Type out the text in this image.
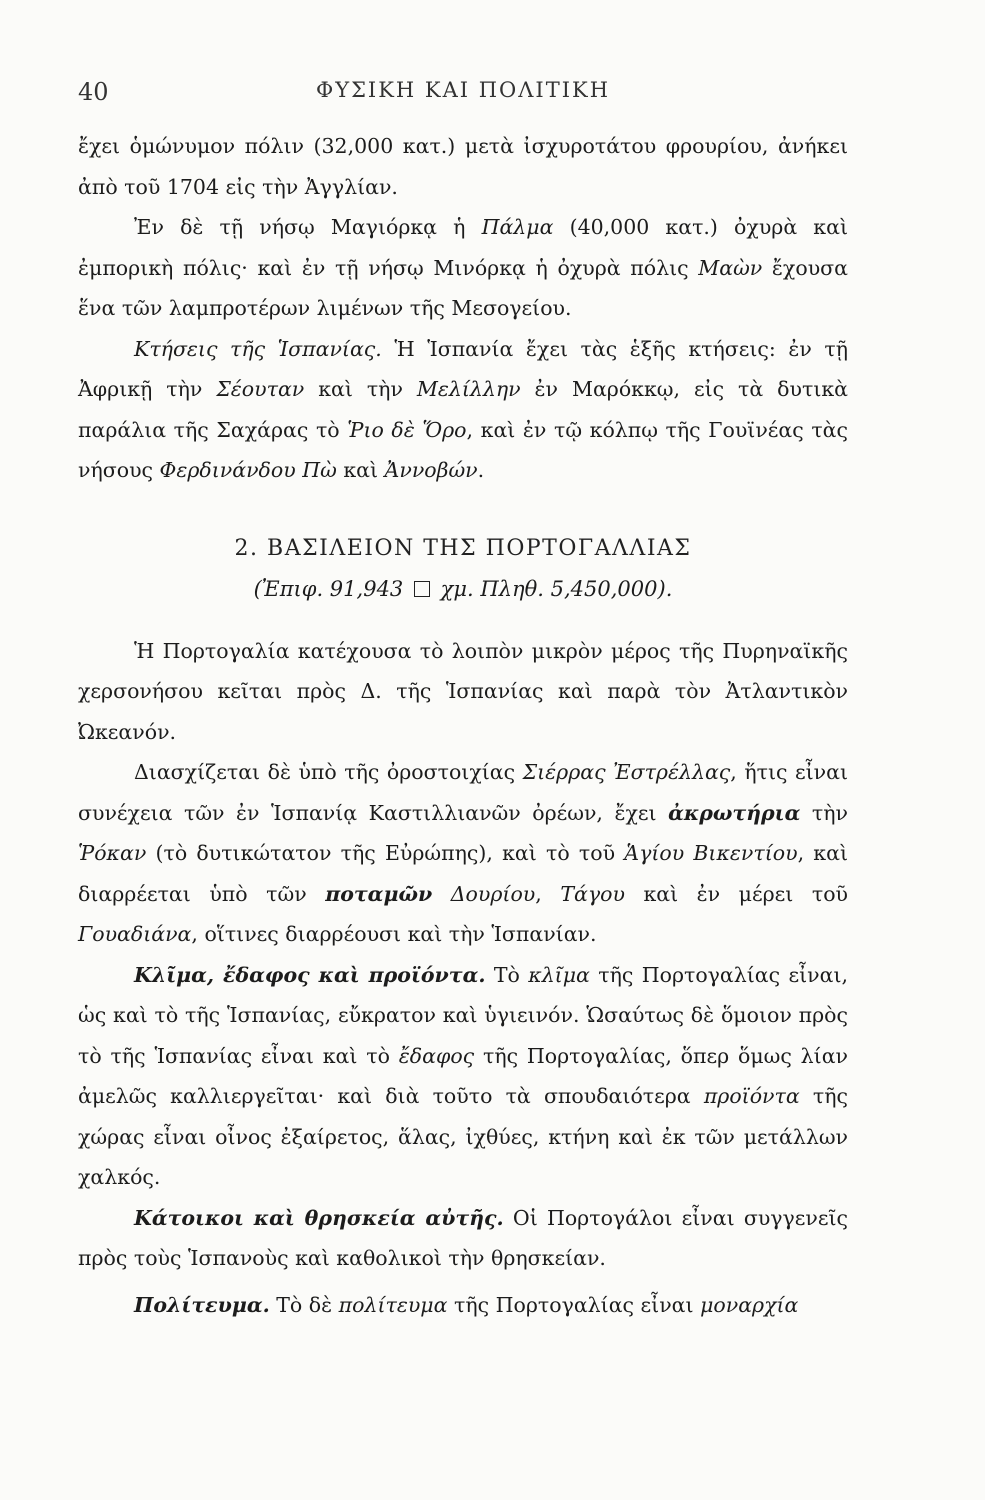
40	ΦΥΣΙΚΗ ΚΑΙ ΠΟΛΙΤΙΚΗ

ἔχει ὁμώνυμον πόλιν (32,000 κατ.) μετὰ ἰσχυροτάτου φρουρίου, ἀνήκει ἀπὸ τοῦ 1704 εἰς τὴν Ἀγγλίαν.

Ἐν δὲ τῇ νήσῳ Μαγιόρκᾳ ἡ Πάλμα (40,000 κατ.) ὀχυρὰ καὶ ἐμπορικὴ πόλις· καὶ ἐν τῇ νήσῳ Μινόρκᾳ ἡ ὀχυρὰ πόλις Μαὼν ἔχουσα ἕνα τῶν λαμπροτέρων λιμένων τῆς Μεσογείου.

Κτήσεις τῆς Ἱσπανίας. Ἡ Ἱσπανία ἔχει τὰς ἑξῆς κτήσεις: ἐν τῇ Ἀφρικῇ τὴν Σέουταν καὶ τὴν Μελίλλην ἐν Μαρόκκῳ, εἰς τὰ δυτικὰ παράλια τῆς Σαχάρας τὸ Ῥιο δὲ Ὅρο, καὶ ἐν τῷ κόλπῳ τῆς Γουϊνέας τὰς νήσους Φερδινάνδου Πὼ καὶ Ἀννοβών.

2. ΒΑΣΙΛΕΙΟΝ ΤΗΣ ΠΟΡΤΟΓΑΛΛΙΑΣ
(Ἐπιφ. 91,943 χμ. Πληθ. 5,450,000).

Ἡ Πορτογαλία κατέχουσα τὸ λοιπὸν μικρὸν μέρος τῆς Πυρηναϊκῆς χερσονήσου κεῖται πρὸς Δ. τῆς Ἱσπανίας καὶ παρὰ τὸν Ἀτλαντικὸν Ὠκεανόν.

Διασχίζεται δὲ ὑπὸ τῆς ὀροστοιχίας Σιέρρας Ἐστρέλλας, ἥτις εἶναι συνέχεια τῶν ἐν Ἱσπανίᾳ Καστιλλιανῶν ὀρέων, ἔχει ἀκρωτήρια τὴν Ῥόκαν (τὸ δυτικώτατον τῆς Εὐρώπης), καὶ τὸ τοῦ Ἁγίου Βικεντίου, καὶ διαρρέεται ὑπὸ τῶν ποταμῶν Δουρίου, Τάγου καὶ ἐν μέρει τοῦ Γουαδιάνα, οἵτινες διαρρέουσι καὶ τὴν Ἱσπανίαν.

Κλῖμα, ἔδαφος καὶ προϊόντα. Τὸ κλῖμα τῆς Πορτογαλίας εἶναι, ὡς καὶ τὸ τῆς Ἱσπανίας, εὔκρατον καὶ ὑγιεινόν. Ὡσαύτως δὲ ὅμοιον πρὸς τὸ τῆς Ἱσπανίας εἶναι καὶ τὸ ἔδαφος τῆς Πορτογαλίας, ὅπερ ὅμως λίαν ἀμελῶς καλλιεργεῖται· καὶ διὰ τοῦτο τὰ σπουδαιότερα προϊόντα τῆς χώρας εἶναι οἶνος ἐξαίρετος, ἅλας, ἰχθύες, κτήνη καὶ ἐκ τῶν μετάλλων χαλκός.

Κάτοικοι καὶ θρησκεία αὐτῆς. Οἱ Πορτογάλοι εἶναι συγγενεῖς πρὸς τοὺς Ἱσπανοὺς καὶ καθολικοὶ τὴν θρησκείαν.

Πολίτευμα. Τὸ δὲ πολίτευμα τῆς Πορτογαλίας εἶναι μοναρχία
